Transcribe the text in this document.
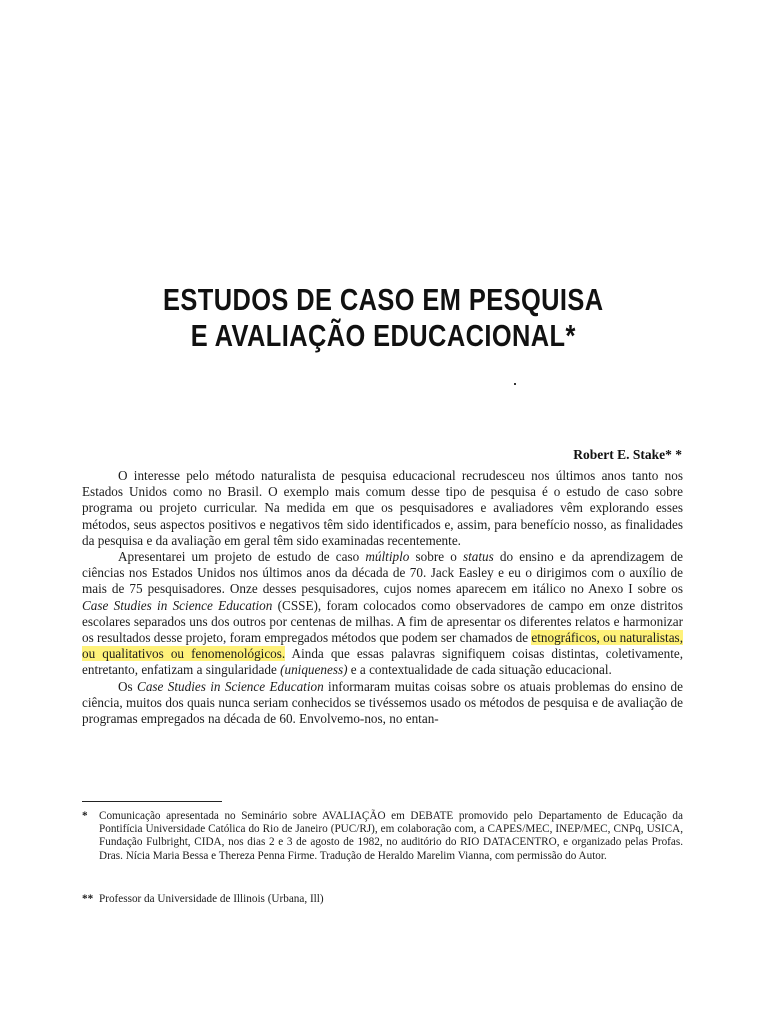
ESTUDOS DE CASO EM PESQUISA
E AVALIAÇÃO EDUCACIONAL*
Robert E. Stake* *

O interesse pelo método naturalista de pesquisa educacional recrudesceu nos últimos anos tanto nos Estados Unidos como no Brasil. O exemplo mais comum desse tipo de pesquisa é o estudo de caso sobre programa ou projeto curricular. Na medida em que os pesquisadores e avaliadores vêm explorando esses métodos, seus aspectos positivos e negativos têm sido identificados e, assim, para benefício nosso, as finalidades da pesquisa e da avaliação em geral têm sido examinadas recentemente.

Apresentarei um projeto de estudo de caso múltiplo sobre o status do ensino e da aprendizagem de ciências nos Estados Unidos nos últimos anos da década de 70. Jack Easley e eu o dirigimos com o auxílio de mais de 75 pesquisadores. Onze desses pesquisadores, cujos nomes aparecem em itálico no Anexo I sobre os Case Studies in Science Education (CSSE), foram colocados como observadores de campo em onze distritos escolares separados uns dos outros por centenas de milhas. A fim de apresentar os diferentes relatos e harmonizar os resultados desse projeto, foram empregados métodos que podem ser chamados de etnográficos, ou naturalistas, ou qualitativos ou fenomenológicos. Ainda que essas palavras signifiquem coisas distintas, coletivamente, entretanto, enfatizam a singularidade (uniqueness) e a contextualidade de cada situação educacional.

Os Case Studies in Science Education informaram muitas coisas sobre os atuais problemas do ensino de ciência, muitos dos quais nunca seriam conhecidos se tivéssemos usado os métodos de pesquisa e de avaliação de programas empregados na década de 60. Envolvemo-nos, no entan-

* Comunicação apresentada no Seminário sobre AVALIAÇÃO em DEBATE promovido pelo Departamento de Educação da Pontifícia Universidade Católica do Rio de Janeiro (PUC/RJ), em colaboração com, a CAPES/MEC, INEP/MEC, CNPq, USICA, Fundação Fulbright, CIDA, nos dias 2 e 3 de agosto de 1982, no auditório do RIO DATACENTRO, e organizado pelas Profas. Dras. Nícia Maria Bessa e Thereza Penna Firme. Tradução de Heraldo Marelim Vianna, com permissão do Autor.
** Professor da Universidade de Illinois (Urbana, Ill)
